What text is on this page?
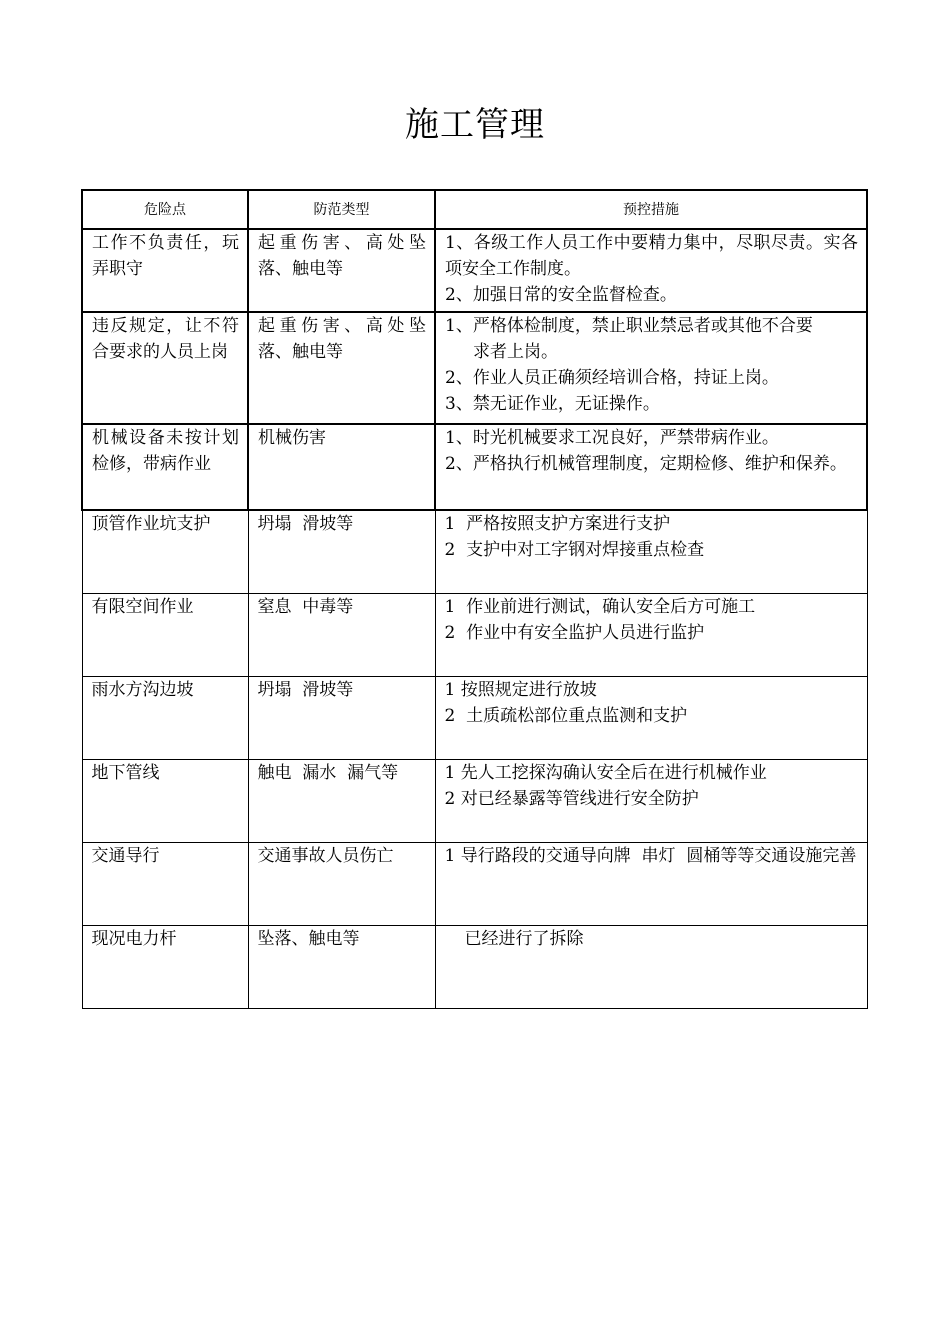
施工管理
危险点	防范类型	预控措施
工作不负责任，玩弄职守	起重伤害、高处坠落、触电等	1、各级工作人员工作中要精力集中，尽职尽责。实各项安全工作制度。
2、加强日常的安全监督检查。

违反规定，让不符合要求的人员上岗	起重伤害、高处坠落、触电等	1、严格体检制度，禁止职业禁忌者或其他不合要
求者上岗。
2、作业人员正确须经培训合格，持证上岗。
3、禁无证作业，无证操作。

机械设备未按计划检修，带病作业	机械伤害	1、时光机械要求工况良好，严禁带病作业。
2、严格执行机械管理制度，定期检修、维护和保养。

顶管作业坑支护	坍塌  滑坡等	1  严格按照支护方案进行支护
2  支护中对工字钢对焊接重点检查

有限空间作业	窒息  中毒等	1  作业前进行测试，确认安全后方可施工
2  作业中有安全监护人员进行监护

雨水方沟边坡	坍塌  滑坡等	1 按照规定进行放坡
2  土质疏松部位重点监测和支护

地下管线	触电  漏水  漏气等	1 先人工挖探沟确认安全后在进行机械作业
2 对已经暴露等管线进行安全防护

交通导行	交通事故人员伤亡	1 导行路段的交通导向牌  串灯  圆桶等等交通设施完善

现况电力杆	坠落、触电等	已经进行了拆除
